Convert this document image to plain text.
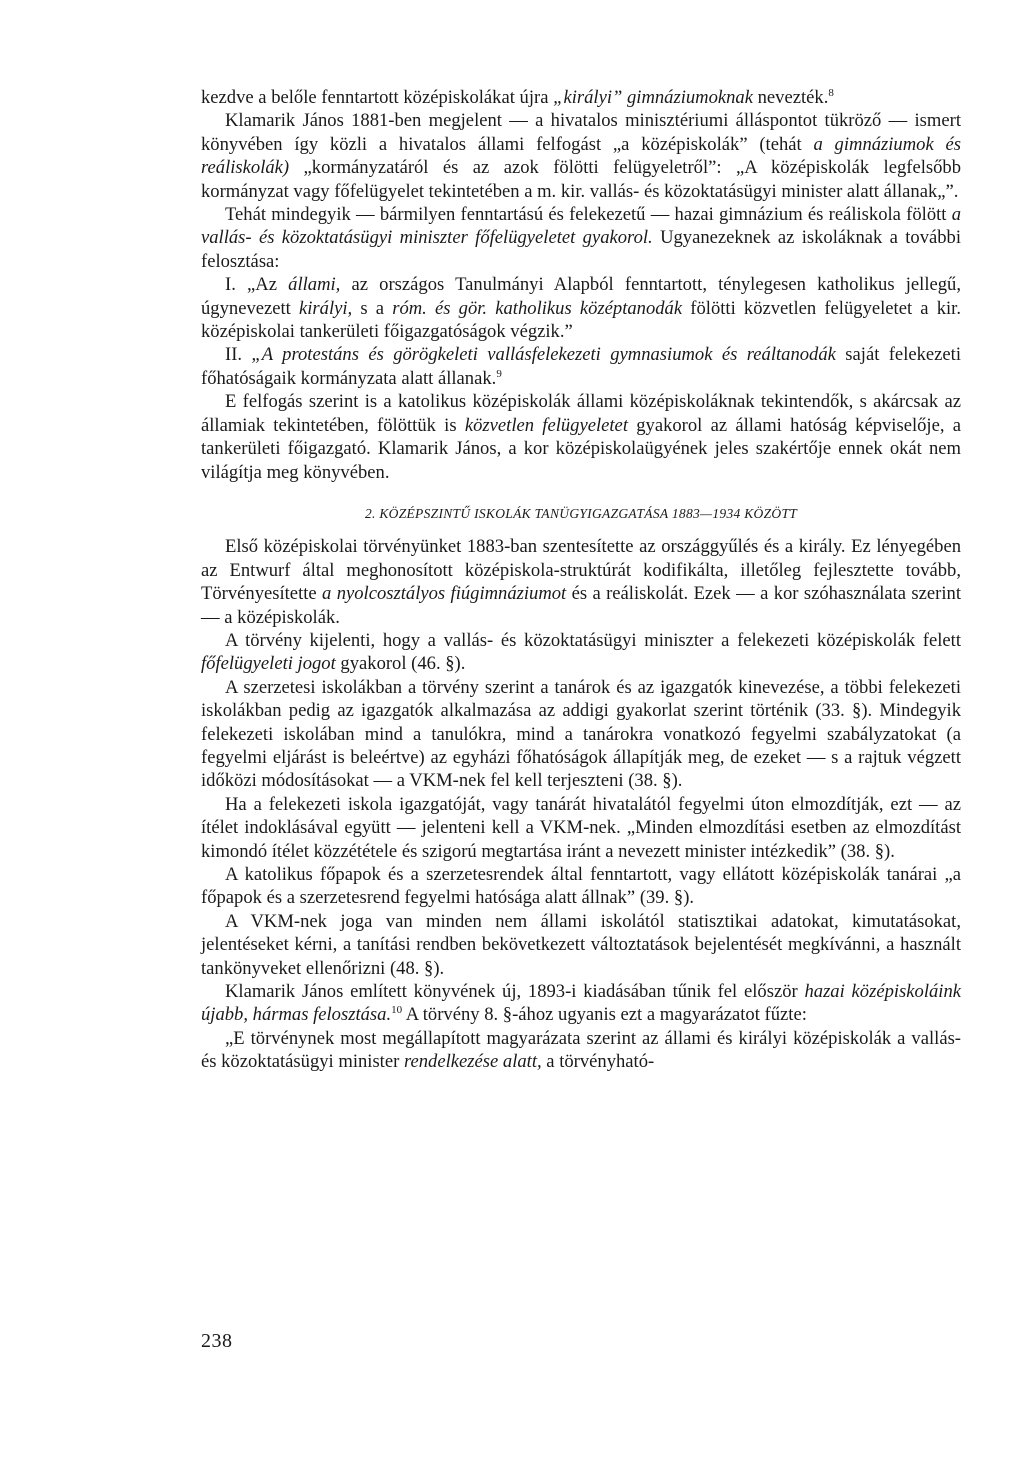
kezdve a belőle fenntartott középiskolákat újra „királyi” gimnáziumoknak nevezték.$^8$

Klamarik János 1881-ben megjelent — a hivatalos minisztériumi álláspontot tükröző — ismert könyvében így közli a hivatalos állami felfogást „a középiskolák” (tehát a gimnáziumok és reáliskolák) „kormányzatáról és az azok fölötti felügyeletről”: „A középiskolák legfelsőbb kormányzat vagy főfelügyelet tekintetében a m. kir. vallás- és közoktatásügyi minister alatt állanak„”.

Tehát mindegyik — bármilyen fenntartású és felekezetű — hazai gimnázium és reáliskola fölött a vallás- és közoktatásügyi miniszter főfelügyeletet gyakorol. Ugyanezeknek az iskoláknak a további felosztása:

I. „Az állami, az országos Tanulmányi Alapból fenntartott, ténylegesen katholikus jellegű, úgynevezett királyi, s a róm. és gör. katholikus középtanodák fölötti közvetlen felügyeletet a kir. középiskolai tankerületi főigazgatóságok végzik.”

II. „A protestáns és görögkeleti vallásfelekezeti gymnasiumok és reáltanodák saját felekezeti főhatóságaik kormányzata alatt állanak.$^9$

E felfogás szerint is a katolikus középiskolák állami középiskoláknak tekintendők, s akárcsak az államiak tekintetében, fölöttük is közvetlen felügyeletet gyakorol az állami hatóság képviselője, a tankerületi főigazgató. Klamarik János, a kor középiskolaügyének jeles szakértője ennek okát nem világítja meg könyvében.

2. KÖZÉPSZINTŰ ISKOLÁK TANÜGYIGAZGATÁSA 1883—1934 KÖZÖTT

Első középiskolai törvényünket 1883-ban szentesítette az országgyűlés és a király. Ez lényegében az Entwurf által meghonosított középiskola-struktúrát kodifikálta, illetőleg fejlesztette tovább, Törvényesítette a nyolcosztályos fiúgimnáziumot és a reáliskolát. Ezek — a kor szóhasználata szerint — a középiskolák.

A törvény kijelenti, hogy a vallás- és közoktatásügyi miniszter a felekezeti középiskolák felett főfelügyeleti jogot gyakorol (46. §).

A szerzetesi iskolákban a törvény szerint a tanárok és az igazgatók kinevezése, a többi felekezeti iskolákban pedig az igazgatók alkalmazása az addigi gyakorlat szerint történik (33. §). Mindegyik felekezeti iskolában mind a tanulókra, mind a tanárokra vonatkozó fegyelmi szabályzatokat (a fegyelmi eljárást is beleértve) az egyházi főhatóságok állapítják meg, de ezeket — s a rajtuk végzett időközi módosításokat — a VKM-nek fel kell terjeszteni (38. §).

Ha a felekezeti iskola igazgatóját, vagy tanárát hivatalától fegyelmi úton elmozdítják, ezt — az ítélet indoklásával együtt — jelenteni kell a VKM-nek. „Minden elmozdítási esetben az elmozdítást kimondó ítélet közzététele és szigorú megtartása iránt a nevezett minister intézkedik” (38. §).

A katolikus főpapok és a szerzetesrendek által fenntartott, vagy ellátott középiskolák tanárai „a főpapok és a szerzetesrend fegyelmi hatósága alatt állnak” (39. §).

A VKM-nek joga van minden nem állami iskolától statisztikai adatokat, kimutatásokat, jelentéseket kérni, a tanítási rendben bekövetkezett változtatások bejelentését megkívánni, a használt tankönyveket ellenőrizni (48. §).

Klamarik János említett könyvének új, 1893-i kiadásában tűnik fel először hazai középiskoláink újabb, hármas felosztása.$^{10}$ A törvény 8. §-ához ugyanis ezt a magyarázatot fűzte:

„E törvénynek most megállapított magyarázata szerint az állami és királyi középiskolák a vallás- és közoktatásügyi minister rendelkezése alatt, a törvényható-

238
